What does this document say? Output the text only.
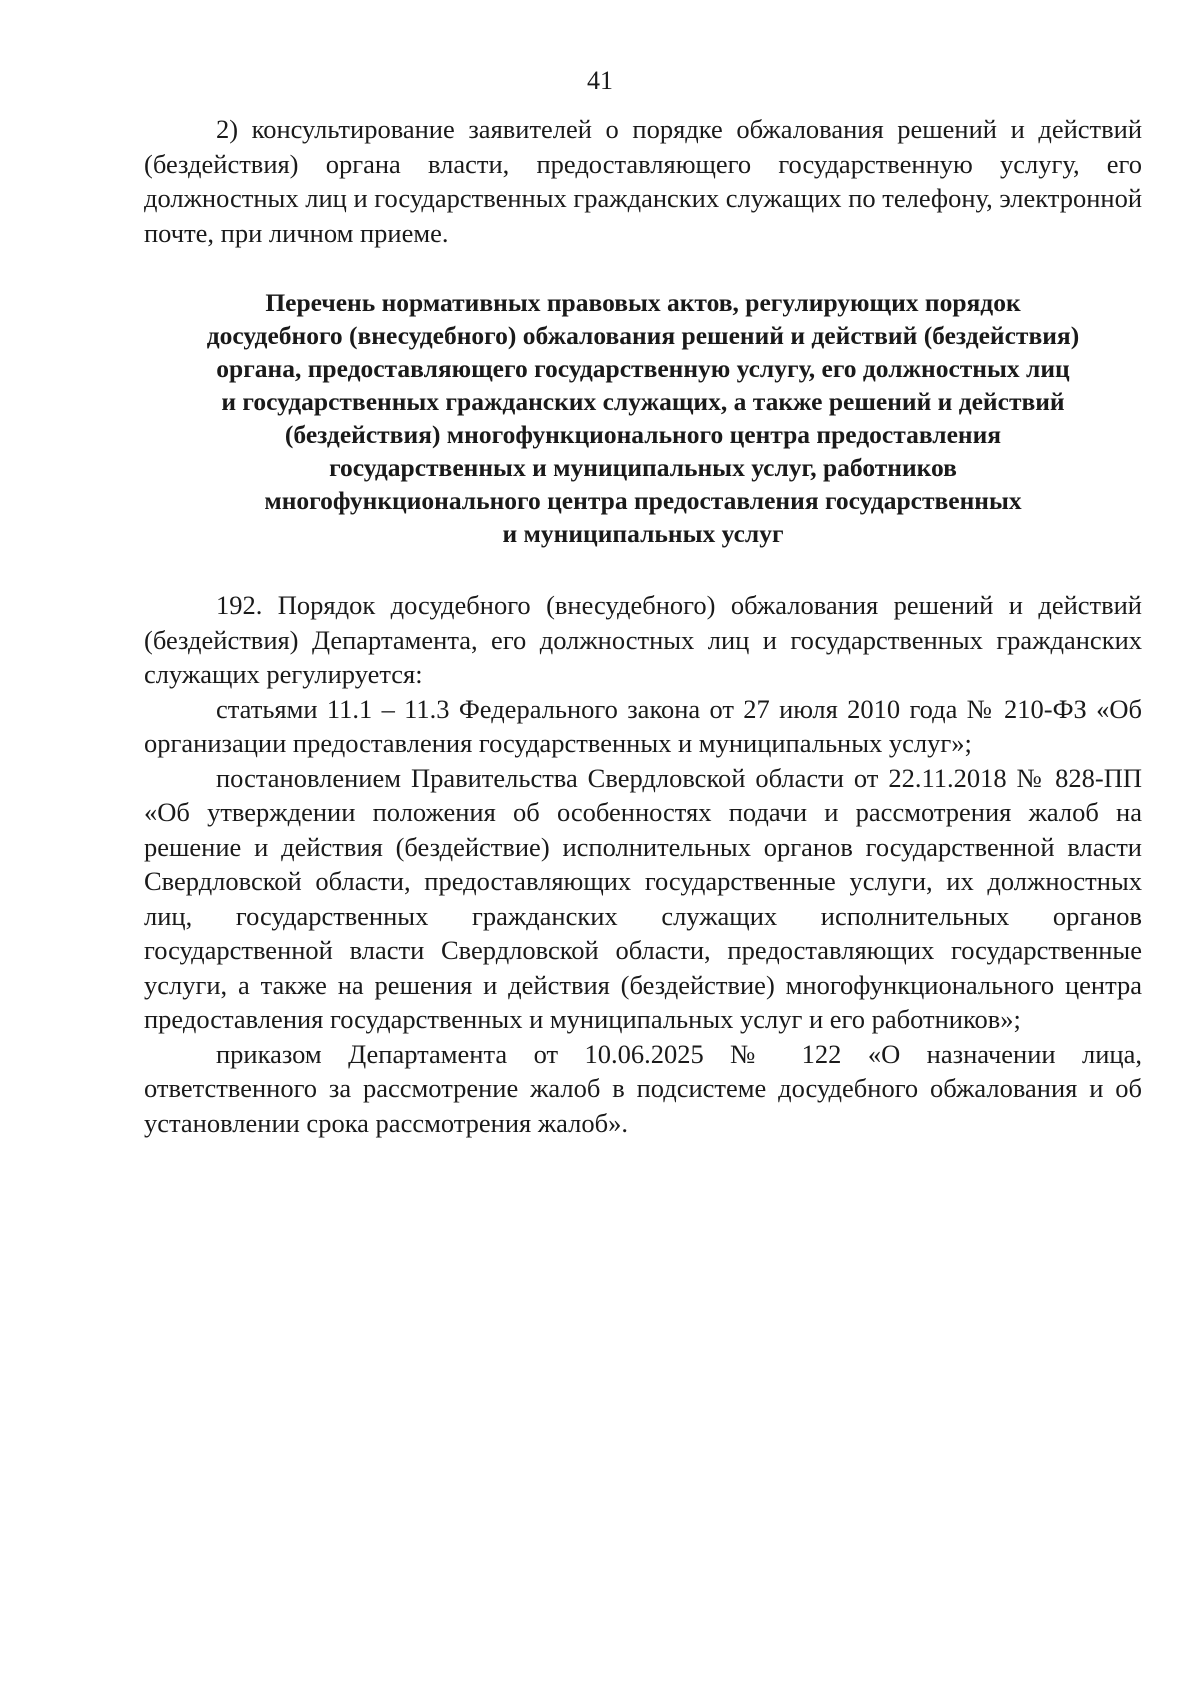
41

2) консультирование заявителей о порядке обжалования решений и действий (бездействия) органа власти, предоставляющего государственную услугу, его должностных лиц и государственных гражданских служащих по телефону, электронной почте, при личном приеме.

Перечень нормативных правовых актов, регулирующих порядок
досудебного (внесудебного) обжалования решений и действий (бездействия)
органа, предоставляющего государственную услугу, его должностных лиц
и государственных гражданских служащих, а также решений и действий
(бездействия) многофункционального центра предоставления
государственных и муниципальных услуг, работников
многофункционального центра предоставления государственных
и муниципальных услуг

192. Порядок досудебного (внесудебного) обжалования решений и действий (бездействия) Департамента, его должностных лиц и государственных гражданских служащих регулируется:

статьями 11.1 – 11.3 Федерального закона от 27 июля 2010 года № 210-ФЗ «Об организации предоставления государственных и муниципальных услуг»;

постановлением Правительства Свердловской области от 22.11.2018 № 828-ПП «Об утверждении положения об особенностях подачи и рассмотрения жалоб на решение и действия (бездействие) исполнительных органов государственной власти Свердловской области, предоставляющих государственные услуги, их должностных лиц, государственных гражданских служащих исполнительных органов государственной власти Свердловской области, предоставляющих государственные услуги, а также на решения и действия (бездействие) многофункционального центра предоставления государственных и муниципальных услуг и его работников»;

приказом Департамента от 10.06.2025 № 122 «О назначении лица, ответственного за рассмотрение жалоб в подсистеме досудебного обжалования и об установлении срока рассмотрения жалоб».
